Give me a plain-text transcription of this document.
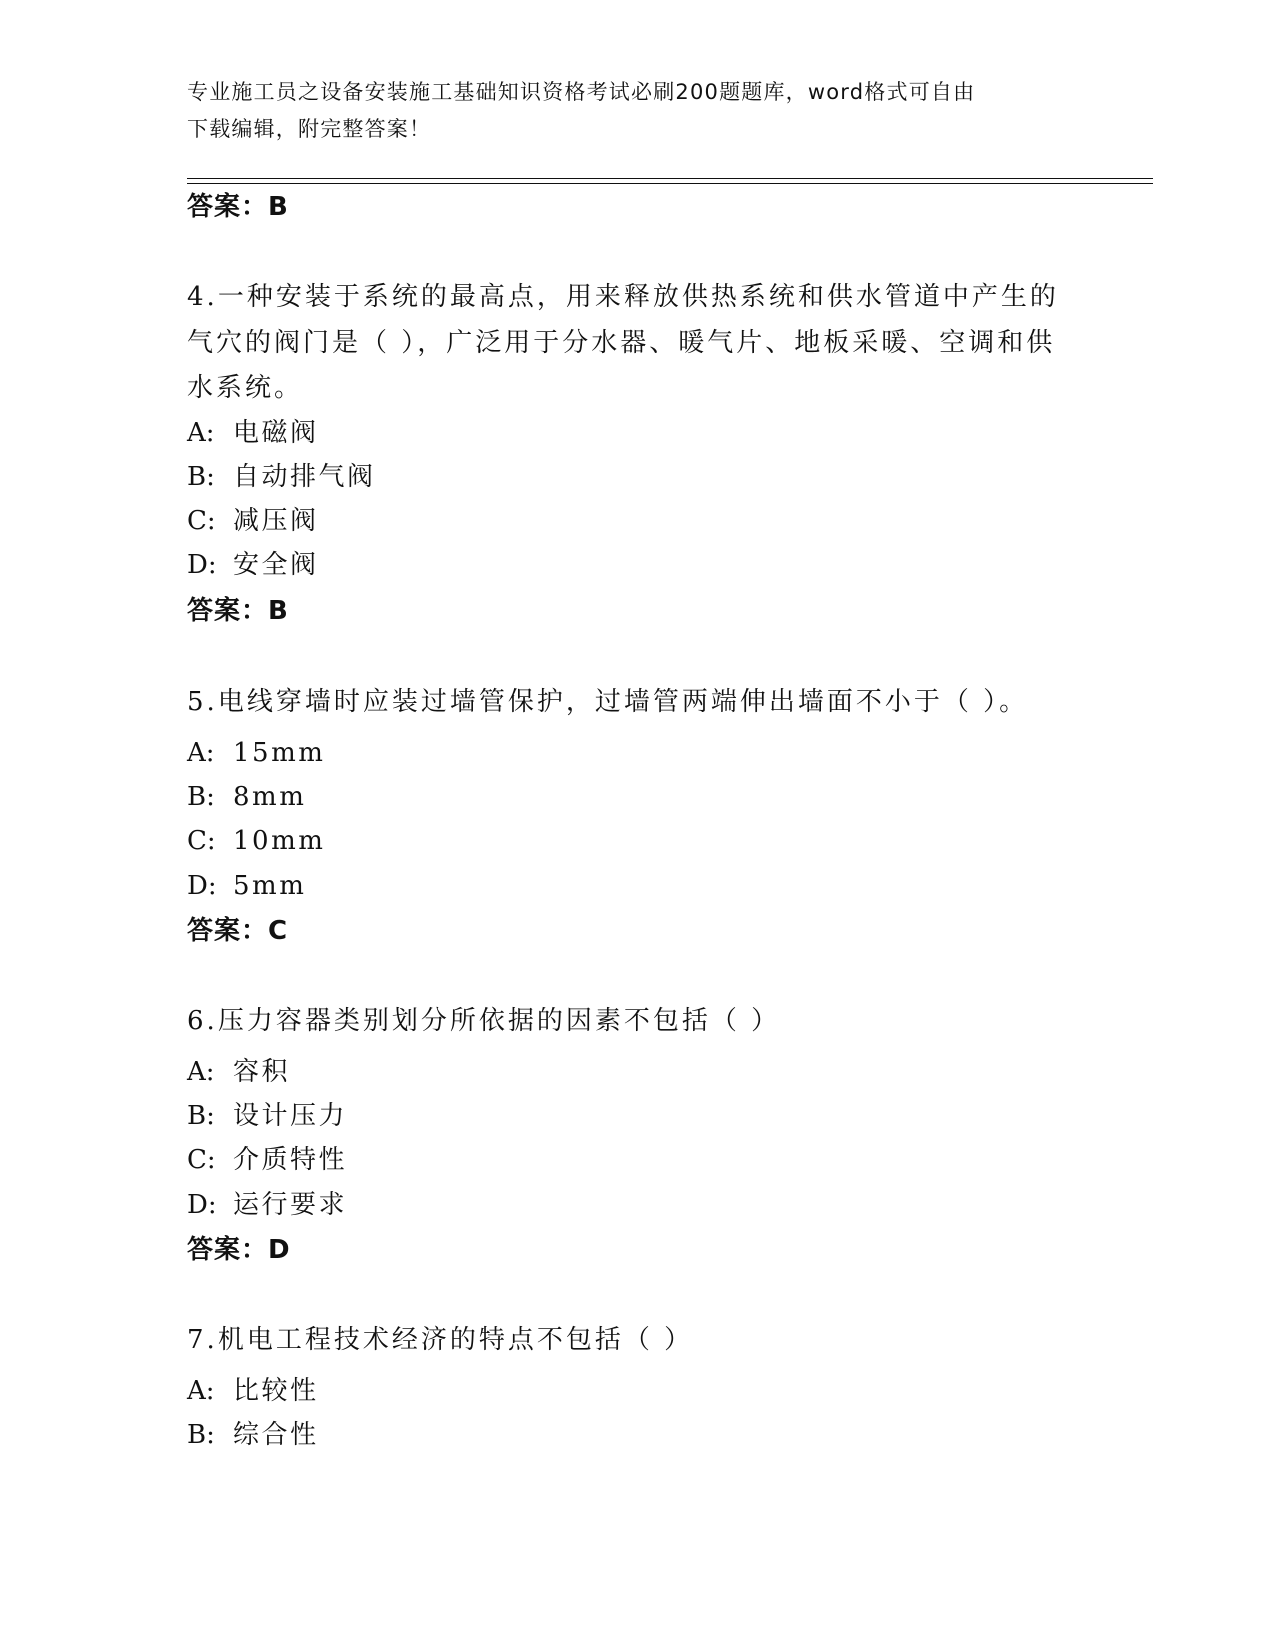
专业施工员之设备安装施工基础知识资格考试必刷200题题库，word格式可自由
下载编辑，附完整答案！
答案：B
4.一种安装于系统的最高点，用来释放供热系统和供水管道中产生的
气穴的阀门是（ ），广泛用于分水器、暖气片、地板采暖、空调和供
水系统。
A: 电磁阀
B: 自动排气阀
C: 减压阀
D: 安全阀
答案：B
5.电线穿墙时应装过墙管保护，过墙管两端伸出墙面不小于（ ）。
A: 15mm
B: 8mm
C: 10mm
D: 5mm
答案：C
6.压力容器类别划分所依据的因素不包括（ ）
A: 容积
B: 设计压力
C: 介质特性
D: 运行要求
答案：D
7.机电工程技术经济的特点不包括（ ）
A: 比较性
B: 综合性
